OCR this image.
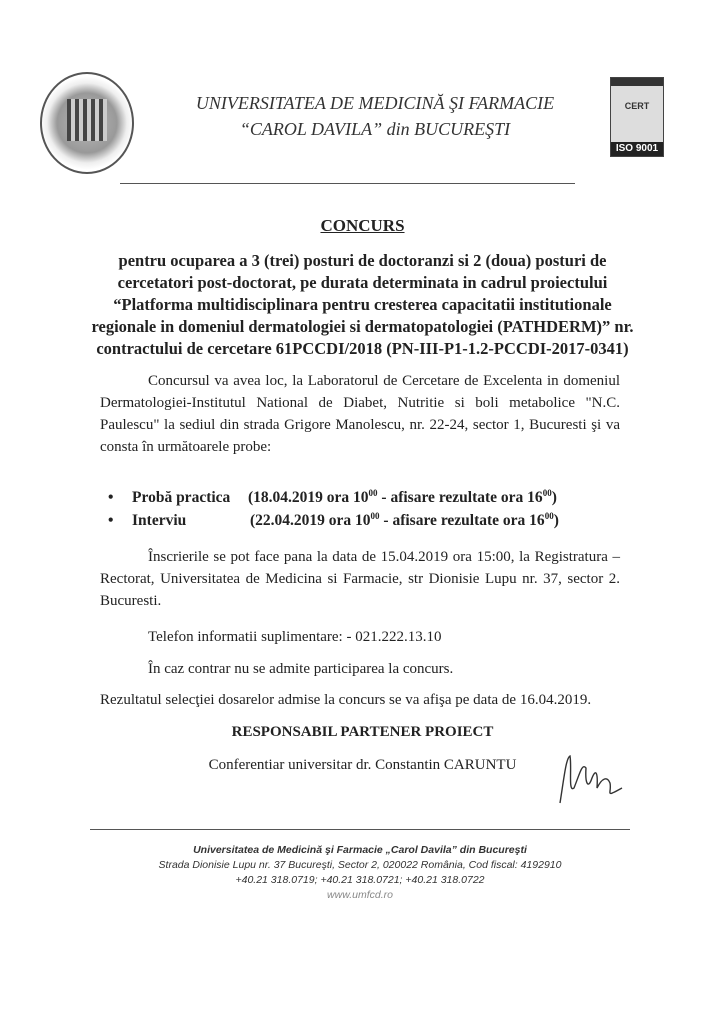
UNIVERSITATEA DE MEDICINĂ ŞI FARMACIE
“CAROL DAVILA” din BUCUREŞTI
CERT
ISO 9001
CONCURS
pentru ocuparea a 3 (trei) posturi de doctoranzi si 2 (doua) posturi de cercetatori post-doctorat, pe durata determinata in cadrul proiectului “Platforma multidisciplinara pentru cresterea capacitatii institutionale regionale in domeniul dermatologiei si dermatopatologiei (PATHDERM)” nr. contractului de cercetare 61PCCDI/2018 (PN-III-P1-1.2-PCCDI-2017-0341)
Concursul va avea loc, la Laboratorul de Cercetare de Excelenta in domeniul Dermatologiei-Institutul National de Diabet, Nutritie si boli metabolice "N.C. Paulescu" la sediul din strada Grigore Manolescu, nr. 22-24, sector 1, Bucuresti şi va consta în următoarele probe:
• Probă practica (18.04.2019 ora $10^{00}$ - afisare rezultate ora $16^{00}$)
• Interviu	(22.04.2019 ora $10^{00}$ - afisare rezultate ora $16^{00}$)
Înscrierile se pot face pana la data de 15.04.2019 ora 15:00, la Registratura – Rectorat, Universitatea de Medicina si Farmacie, str Dionisie Lupu nr. 37, sector 2. Bucuresti.
Telefon informatii suplimentare: - 021.222.13.10
În caz contrar nu se admite participarea la concurs.
Rezultatul selecţiei dosarelor admise la concurs se va afişa pe data de 16.04.2019.
RESPONSABIL PARTENER PROIECT
Conferentiar universitar dr. Constantin CARUNTU
Universitatea de Medicină şi Farmacie „Carol Davila” din Bucureşti
Strada Dionisie Lupu nr. 37 Bucureşti, Sector 2, 020022 România, Cod fiscal: 4192910
+40.21 318.0719; +40.21 318.0721; +40.21 318.0722
www.umfcd.ro
